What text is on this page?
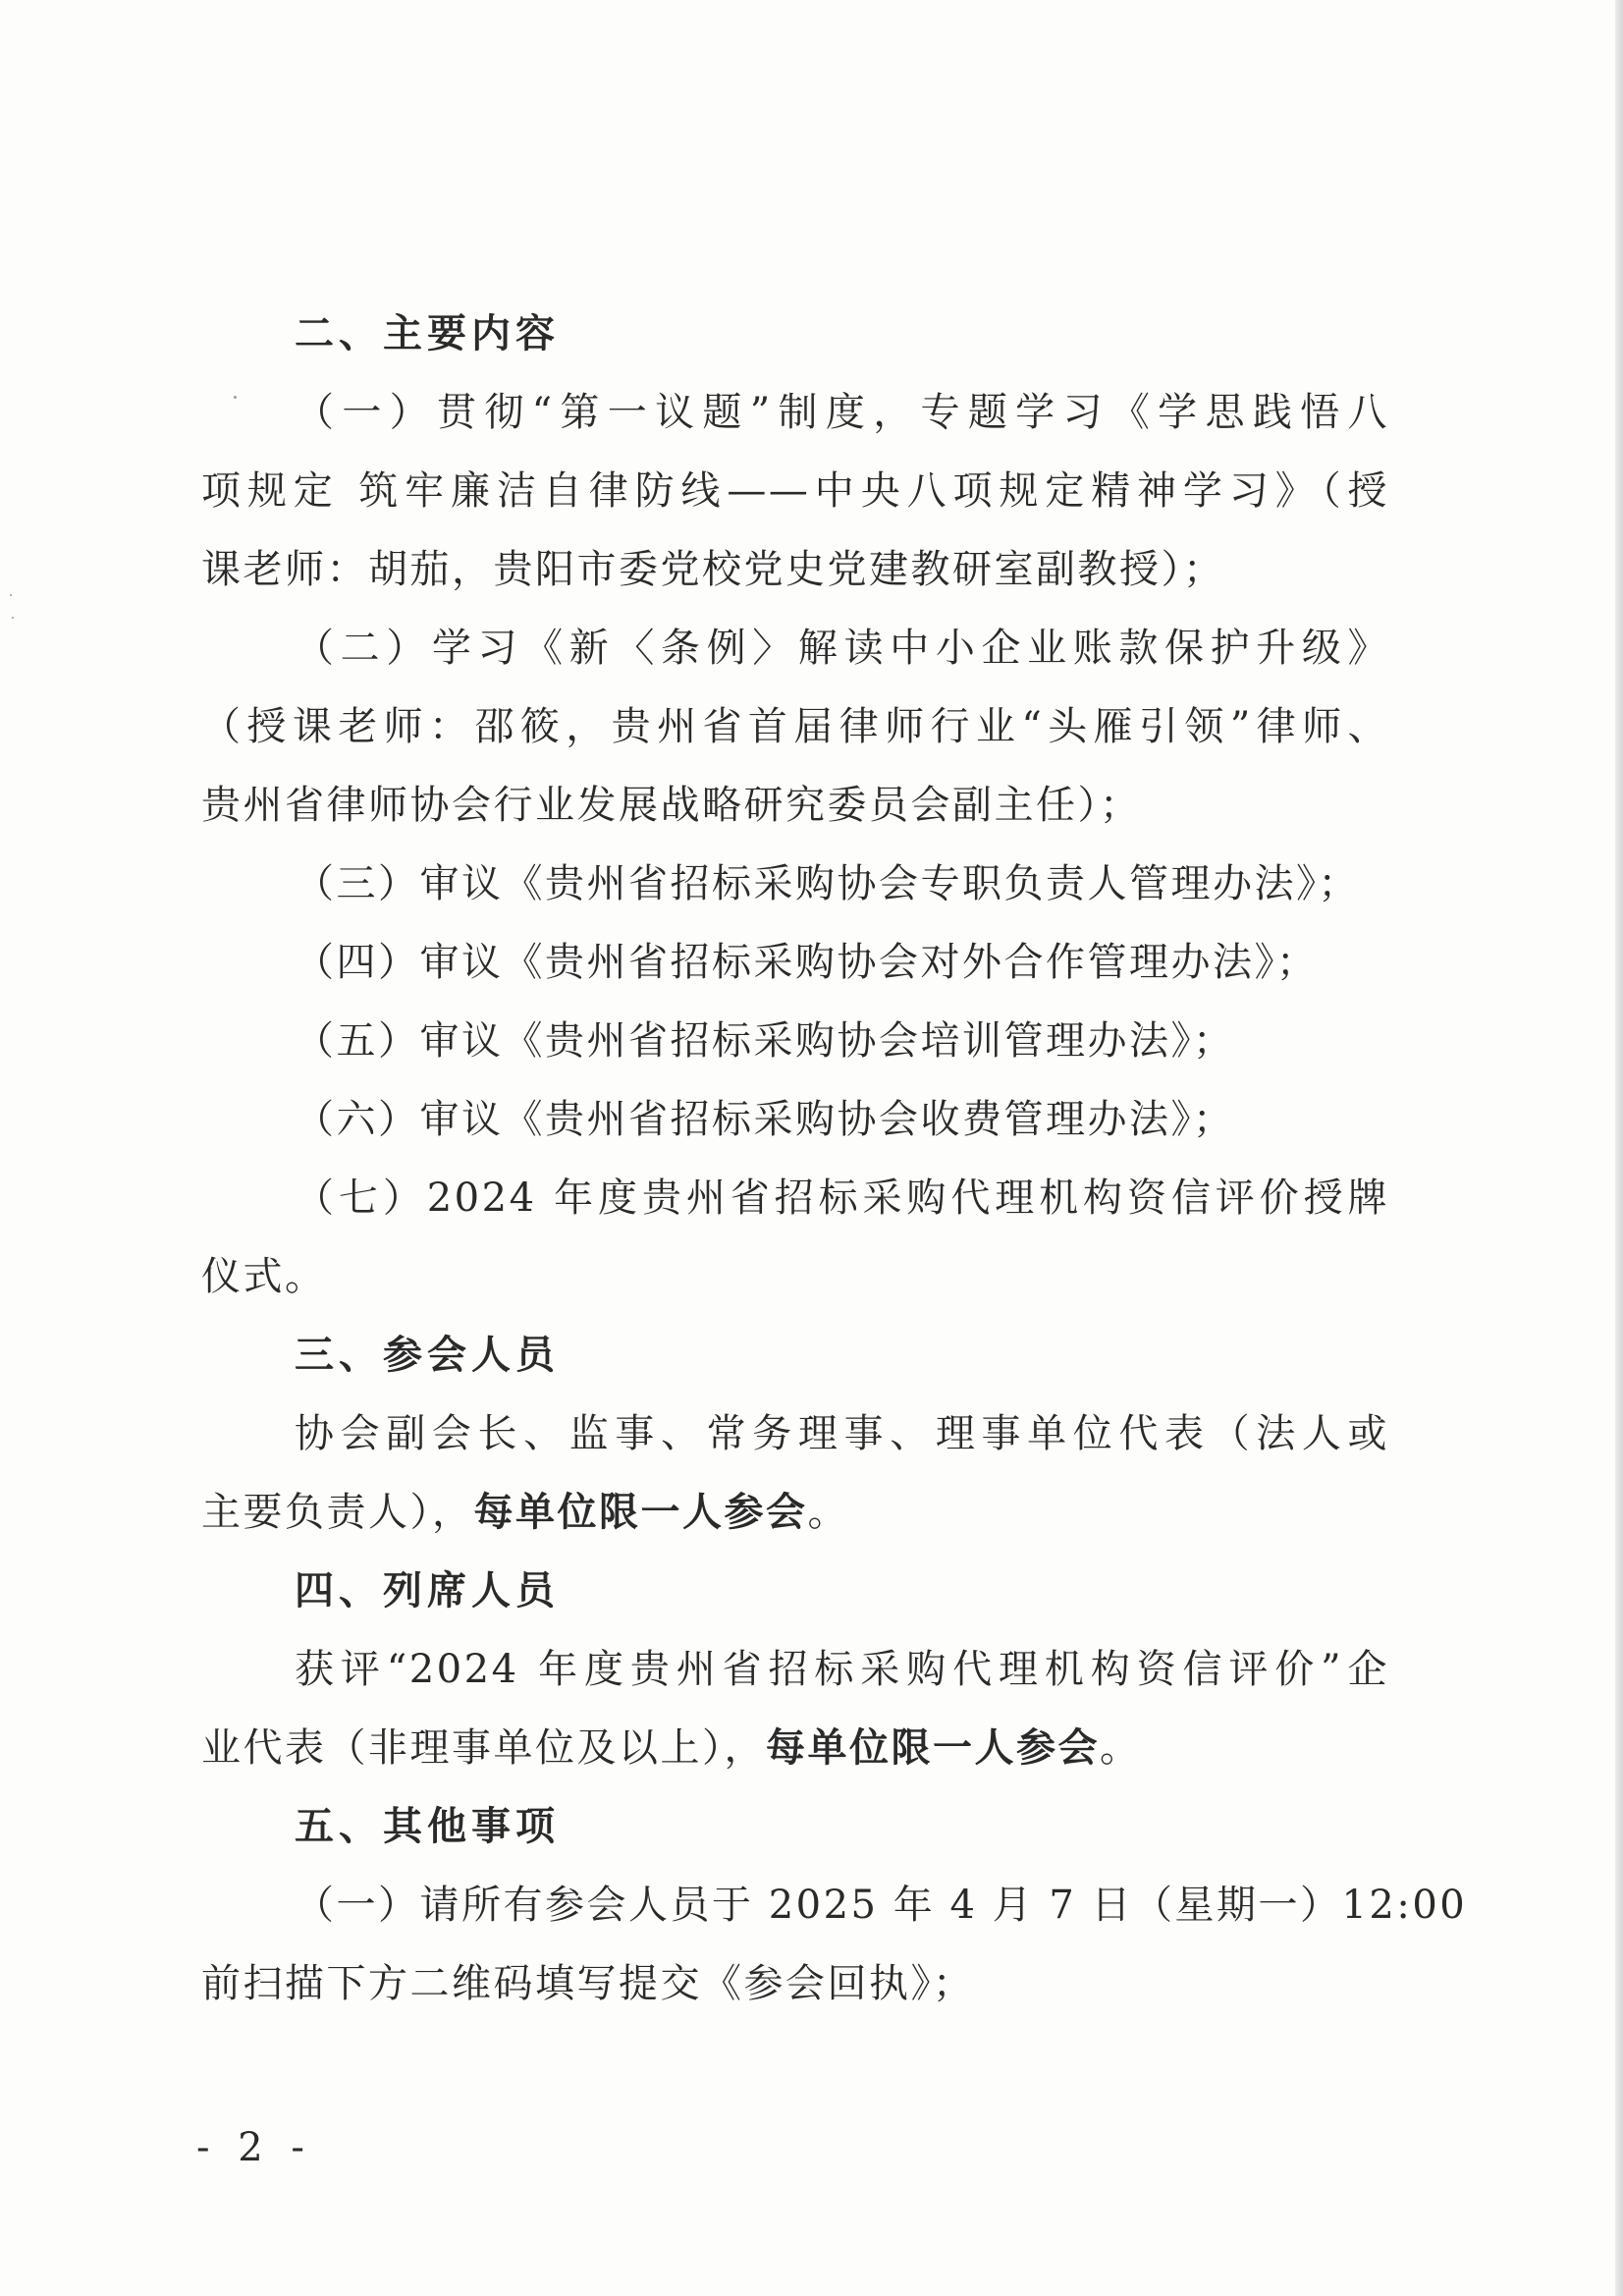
二、主要内容
（一）贯彻“第一议题”制度，专题学习《学思践悟八
项规定 筑牢廉洁自律防线——中央八项规定精神学习》（授
课老师：胡茄，贵阳市委党校党史党建教研室副教授）；
（二）学习《新〈条例〉解读中小企业账款保护升级》
（授课老师：邵筱，贵州省首届律师行业“头雁引领”律师、
贵州省律师协会行业发展战略研究委员会副主任）；
（三）审议《贵州省招标采购协会专职负责人管理办法》；
（四）审议《贵州省招标采购协会对外合作管理办法》；
（五）审议《贵州省招标采购协会培训管理办法》；
（六）审议《贵州省招标采购协会收费管理办法》；
（七）2024 年度贵州省招标采购代理机构资信评价授牌
仪式。
三、参会人员
协会副会长、监事、常务理事、理事单位代表（法人或
主要负责人），每单位限一人参会。
四、列席人员
获评“2024 年度贵州省招标采购代理机构资信评价”企
业代表（非理事单位及以上），每单位限一人参会。
五、其他事项
（一）请所有参会人员于 2025 年 4 月 7 日（星期一）12:00
前扫描下方二维码填写提交《参会回执》；
- 2 -
